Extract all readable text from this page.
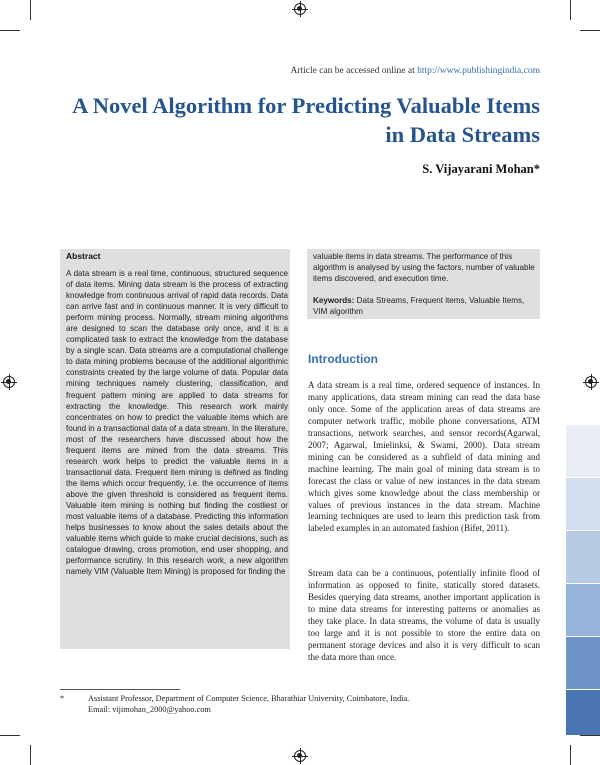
Article can be accessed online at http://www.publishingindia.com
A Novel Algorithm for Predicting Valuable Items in Data Streams
S. Vijayarani Mohan*
Abstract
A data stream is a real time, continuous, structured sequence of data items. Mining data stream is the process of extracting knowledge from continuous arrival of rapid data records. Data can arrive fast and in continuous manner. It is very difficult to perform mining process. Normally, stream mining algorithms are designed to scan the database only once, and it is a complicated task to extract the knowledge from the database by a single scan. Data streams are a computational challenge to data mining problems because of the additional algorithmic constraints created by the large volume of data. Popular data mining techniques namely clustering, classification, and frequent pattern mining are applied to data streams for extracting the knowledge. This research work mainly concentrates on how to predict the valuable items which are found in a transactional data of a data stream. In the literature, most of the researchers have discussed about how the frequent items are mined from the data streams. This research work helps to predict the valuable items in a transactional data. Frequent item mining is defined as finding the items which occur frequently, i.e. the occurrence of items above the given threshold is considered as frequent items. Valuable item mining is nothing but finding the costliest or most valuable items of a database. Predicting this information helps businesses to know about the sales details about the valuable items which guide to make crucial decisions, such as catalogue drawing, cross promotion, end user shopping, and performance scrutiny. In this research work, a new algorithm namely VIM (Valuable Item Mining) is proposed for finding the
valuable items in data streams. The performance of this algorithm is analysed by using the factors, number of valuable items discovered, and execution time.
Keywords: Data Streams, Frequent items, Valuable Items, VIM algorithm
Introduction
A data stream is a real time, ordered sequence of instances. In many applications, data stream mining can read the data base only once. Some of the application areas of data streams are computer network traffic, mobile phone conversations, ATM transactions, network searches, and sensor records(Agarwal, 2007; Agarwal, Imielinksi, & Swami, 2000). Data stream mining can be considered as a subfield of data mining and machine learning. The main goal of mining data stream is to forecast the class or value of new instances in the data stream which gives some knowledge about the class membership or values of previous instances in the data stream. Machine learning techniques are used to learn this prediction task from labeled examples in an automated fashion (Bifet, 2011).
Stream data can be a continuous, potentially infinite flood of information as opposed to finite, statically stored datasets. Besides querying data streams, another important application is to mine data streams for interesting patterns or anomalies as they take place. In data streams, the volume of data is usually too large and it is not possible to store the entire data on permanent storage devices and also it is very difficult to scan the data more than once.
*	Assistant Professor, Department of Computer Science, Bharathiar University, Coimbatore, India.
Email: vijimohan_2000@yahoo.com
